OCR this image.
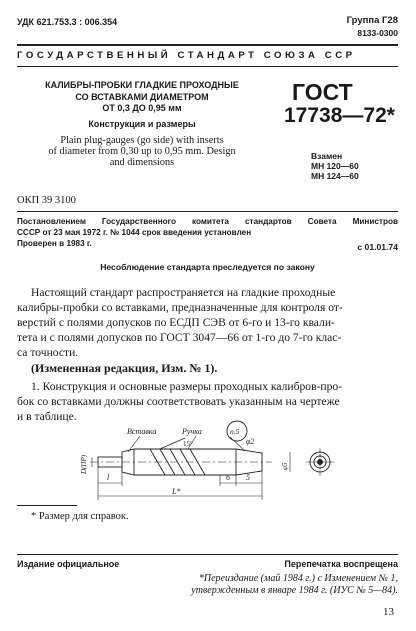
УДК 621.753.3 : 006.354	Группа Г28
8133-0300
ГОСУДАРСТВЕННЫЙ СТАНДАРТ СОЮЗА ССР
КАЛИБРЫ-ПРОБКИ ГЛАДКИЕ ПРОХОДНЫЕ
СО ВСТАВКАМИ ДИАМЕТРОМ
ОТ 0,3 ДО 0,95 мм
Конструкция и размеры
Plain plug-gauges (go side) with inserts
of diameter from 0,30 up to 0,95 mm. Design
and dimensions
ГОСТ
17738—72*
Взамен
МН 120—60
МН 124—60
ОКП 39 3100
Постановлением Государственного комитета стандартов Совета Министров
СССР от 23 мая 1972 г. № 1044 срок введения установлен
Проверен в 1983 г.	с 01.01.74
Несоблюдение стандарта преследуется по закону
Настоящий стандарт распространяется на гладкие проходные
калибры-пробки со вставками, предназначенные для контроля от-
верстий с полями допусков по ЕСДП СЭВ от 6-го и 13-го квали-
тета и с полями допусков по ГОСТ 3047—66 от 1-го до 7-го клас-
са точности.
(Измененная редакция, Изм. № 1).
1. Конструкция и основные размеры проходных калибров-про-
бок со вставками должны соответствовать указанным на чертеже
и в таблице.
Вставка	Ручка
15°
п.5
φ2
D(ПР)
l	6 5
L*
φ5
* Размер для справок.
Издание официальное	Перепечатка воспрещена
*Переиздание (май 1984 г.) с Изменением № 1,
утвержденным в январе 1984 г. (ИУС № 5—84).
13
